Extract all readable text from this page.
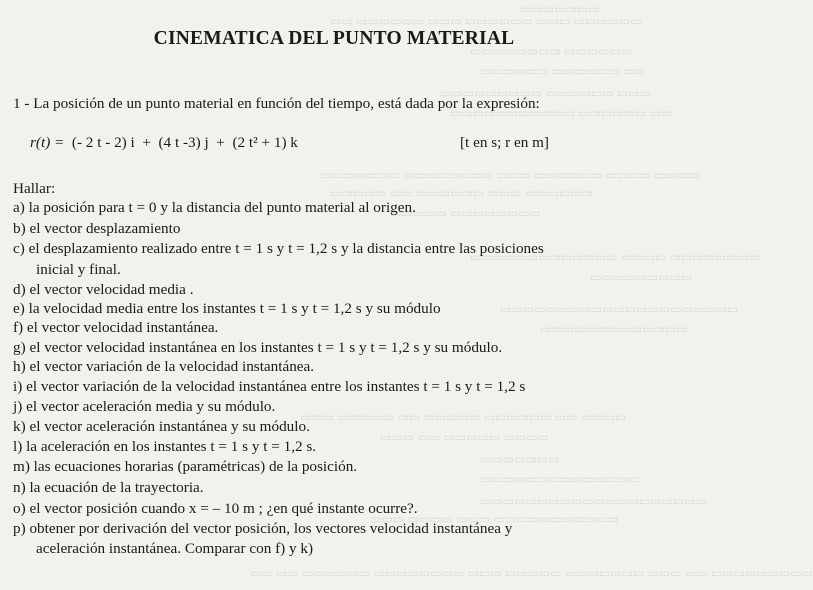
▭▭▭▭▭▭▭
▭▭▭▭▭▭ ▭▭▭ ▭▭▭▭▭▭ ▭▭▭ ▭▭▭▭▭▭ ▭▭
▭▭▭▭▭▭ ▭▭▭▭▭▭▭▭
▭▭ ▭▭▭▭▭▭ ▭▭▭▭▭▭
▭▭▭ ▭▭▭▭▭▭ ▭▭▭▭▭▭▭▭▭
▭▭ ▭▭▭▭▭▭ ▭▭▭▭▭▭▭▭▭▭▭
▭▭▭▭ ▭▭▭▭ ▭▭▭▭▭▭ ▭▭▭ ▭▭▭▭▭▭▭▭ ▭▭▭▭▭▭▭
▭▭▭▭▭▭ ▭▭▭ ▭▭▭▭▭▭ ▭▭ ▭▭▭▭▭
▭▭▭▭▭▭▭▭ ▭▭▭▭▭
▭▭▭▭▭▭▭▭ ▭▭▭▭ ▭▭▭▭▭▭▭▭▭▭▭▭▭
▭▭▭▭▭▭▭▭▭
▭▭▭▭▭▭▭▭▭▭▭▭▭▭▭▭▭▭▭▭▭
▭▭▭▭▭▭▭▭▭▭▭▭▭
▭▭▭▭ ▭▭ ▭▭▭▭▭▭ ▭▭▭▭▭ ▭▭ ▭▭▭▭▭ ▭▭▭
▭▭▭▭ ▭▭▭▭▭ ▭▭ ▭▭▭
▭▭▭▭▭▭▭
▭▭▭▭▭▭▭▭▭▭▭▭▭▭
▭▭▭▭▭▭▭▭▭▭▭▭▭▭▭▭▭▭▭▭
▭▭▭▭▭▭▭▭▭▭▭ ▭▭▭ ▭▭▭▭ ▭▭▭
▭▭▭▭▭▭▭▭▭ ▭▭ ▭▭▭ ▭▭▭▭▭▭▭ ▭▭▭▭▭ ▭▭▭ ▭▭▭▭▭▭▭▭ ▭▭▭▭▭▭ ▭▭ ▭▭
CINEMATICA DEL PUNTO MATERIAL
1 - La posición de un punto material en función del tiempo, está dada por la expresión:
r(t) = (- 2 t - 2) i + (4 t -3) j + (2 t² + 1) k	[t en s; r en m]
Hallar:
a) la posición para t = 0 y la distancia del punto material al origen.
b) el vector desplazamiento
c) el desplazamiento realizado entre t = 1 s y t = 1,2 s y la distancia entre las posiciones
inicial y final.
d) el vector velocidad media .
e) la velocidad media entre los instantes t = 1 s y t = 1,2 s y su módulo
f) el vector velocidad instantánea.
g) el vector velocidad instantánea en los instantes t = 1 s y t = 1,2 s y su módulo.
h) el vector variación de la velocidad instantánea.
i) el vector variación de la velocidad instantánea entre los instantes t = 1 s y t = 1,2 s
j) el vector aceleración media y su módulo.
k) el vector aceleración instantánea y su módulo.
l) la aceleración en los instantes t = 1 s y t = 1,2 s.
m) las ecuaciones horarias (paramétricas) de la posición.
n) la ecuación de la trayectoria.
o) el vector posición cuando x = – 10 m ; ¿en qué instante ocurre?.
p) obtener por derivación del vector posición, los vectores velocidad instantánea y
aceleración instantánea. Comparar con f) y k)
